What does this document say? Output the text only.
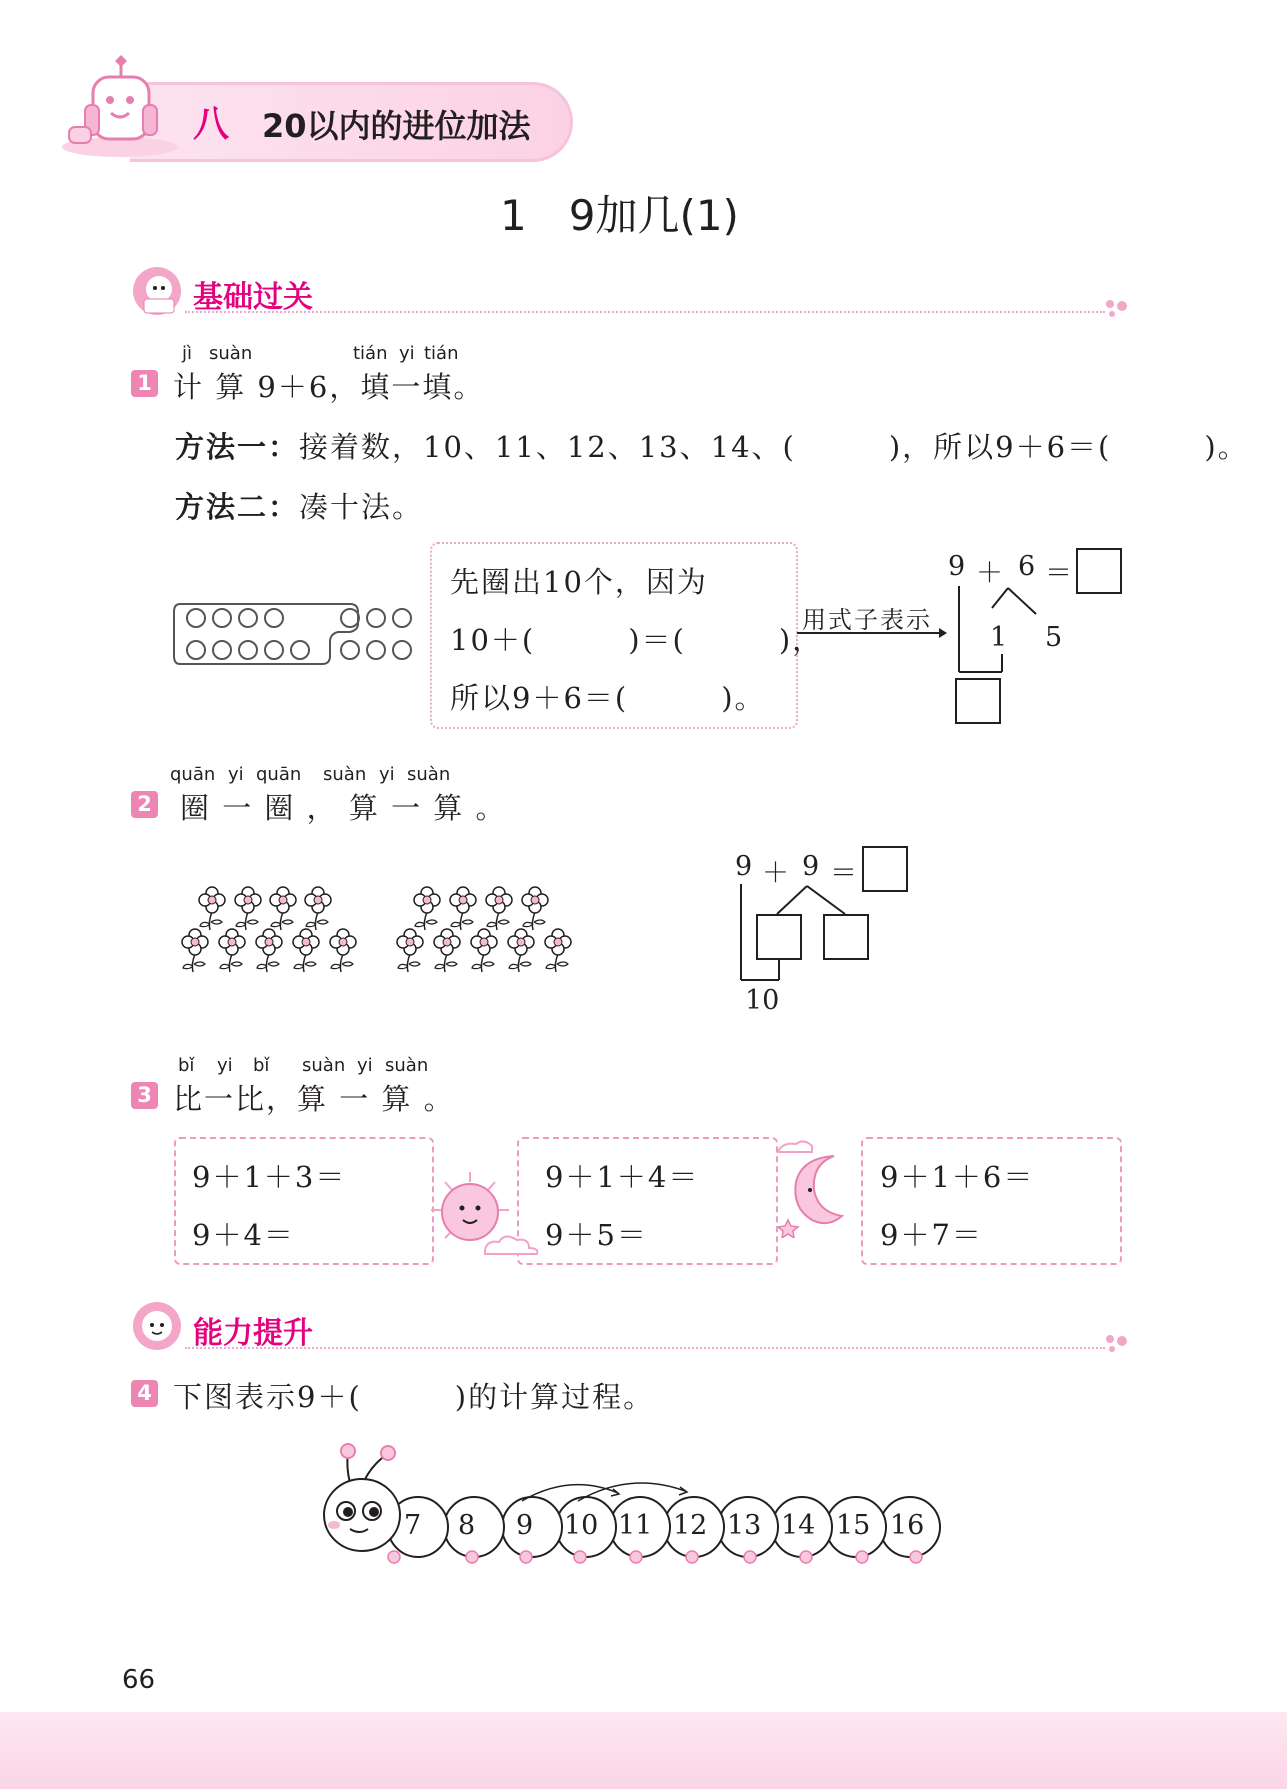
八 20以内的进位加法
1　9加几(1)
基础过关
jì suàn	tián yi tián
1 计 算 9＋6，填一填。
方法一：接着数，10、11、12、13、14、(　　　)，所以9＋6＝(　　　)。
方法二：凑十法。
先圈出10个，因为
10＋(　　　)＝(　　　)，
所以9＋6＝(　　　)。
用式子表示
9 ＋ 6 ＝
1 5
quān yi quān suàn yi suàn
2 圈 一 圈 ， 算 一 算 。
9 ＋ 9 ＝
10
bǐ yi bǐ suàn yi suàn
3 比一比，算 一 算 。
9＋1＋3＝
9＋4＝
9＋1＋4＝
9＋5＝
9＋1＋6＝
9＋7＝
能力提升
4 下图表示9＋(　　　)的计算过程。
7 8 9 10 11 12 13 14 15 16
66
